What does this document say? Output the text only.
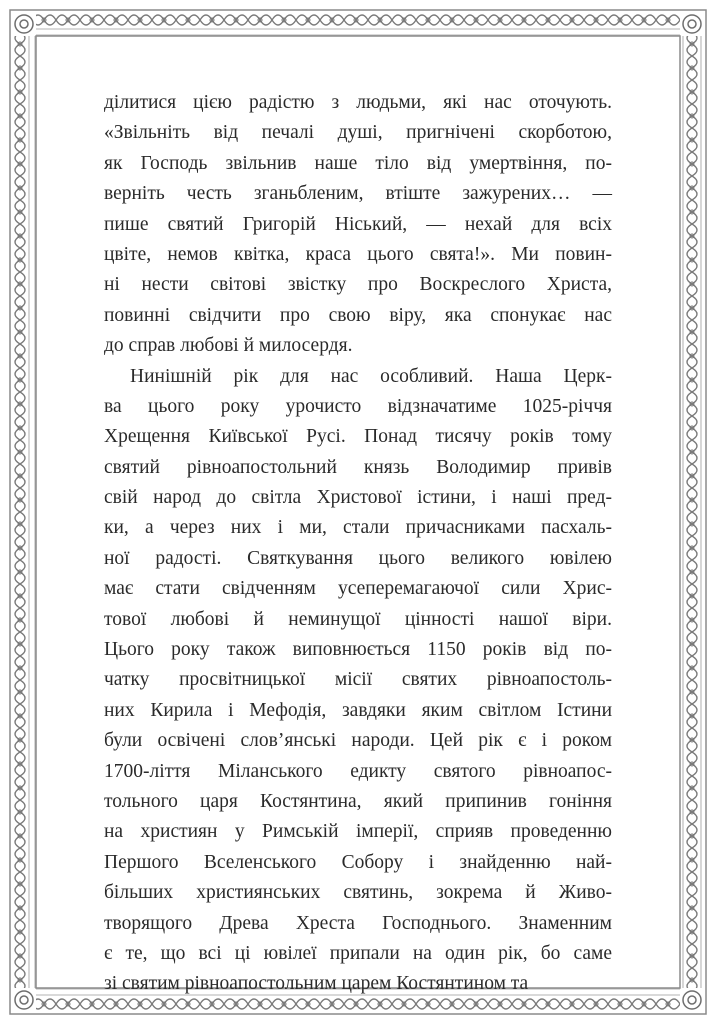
ділитися цією радістю з людьми, які нас оточують.
«Звільніть від печалі душі, пригнічені скорботою,
як Господь звільнив наше тіло від умертвіння, по-
верніть честь зганьбленим, втіште зажурених… —
пише святий Григорій Ніський, — нехай для всіх
цвіте, немов квітка, краса цього свята!». Ми повин-
ні нести світові звістку про Воскреслого Христа,
повинні свідчити про свою віру, яка спонукає нас
до справ любові й милосердя.
Нинішній рік для нас особливий. Наша Церк-
ва цього року урочисто відзначатиме 1025-річчя
Хрещення Київської Русі. Понад тисячу років тому
святий рівноапостольний князь Володимир привів
свій народ до світла Христової істини, і наші пред-
ки, а через них і ми, стали причасниками пасхаль-
ної радості. Святкування цього великого ювілею
має стати свідченням усеперемагаючої сили Хрис-
тової любові й неминущої цінності нашої віри.
Цього року також виповнюється 1150 років від по-
чатку просвітницької місії святих рівноапостоль-
них Кирила і Мефодія, завдяки яким світлом Істини
були освічені слов’янські народи. Цей рік є і роком
1700-ліття Міланського едикту святого рівноапос-
тольного царя Костянтина, який припинив гоніння
на християн у Римській імперії, сприяв проведенню
Першого Вселенського Собору і знайденню най-
більших християнських святинь, зокрема й Живо-
творящого Древа Хреста Господнього. Знаменним
є те, що всі ці ювілеї припали на один рік, бо саме
зі святим рівноапостольним царем Костянтином та
